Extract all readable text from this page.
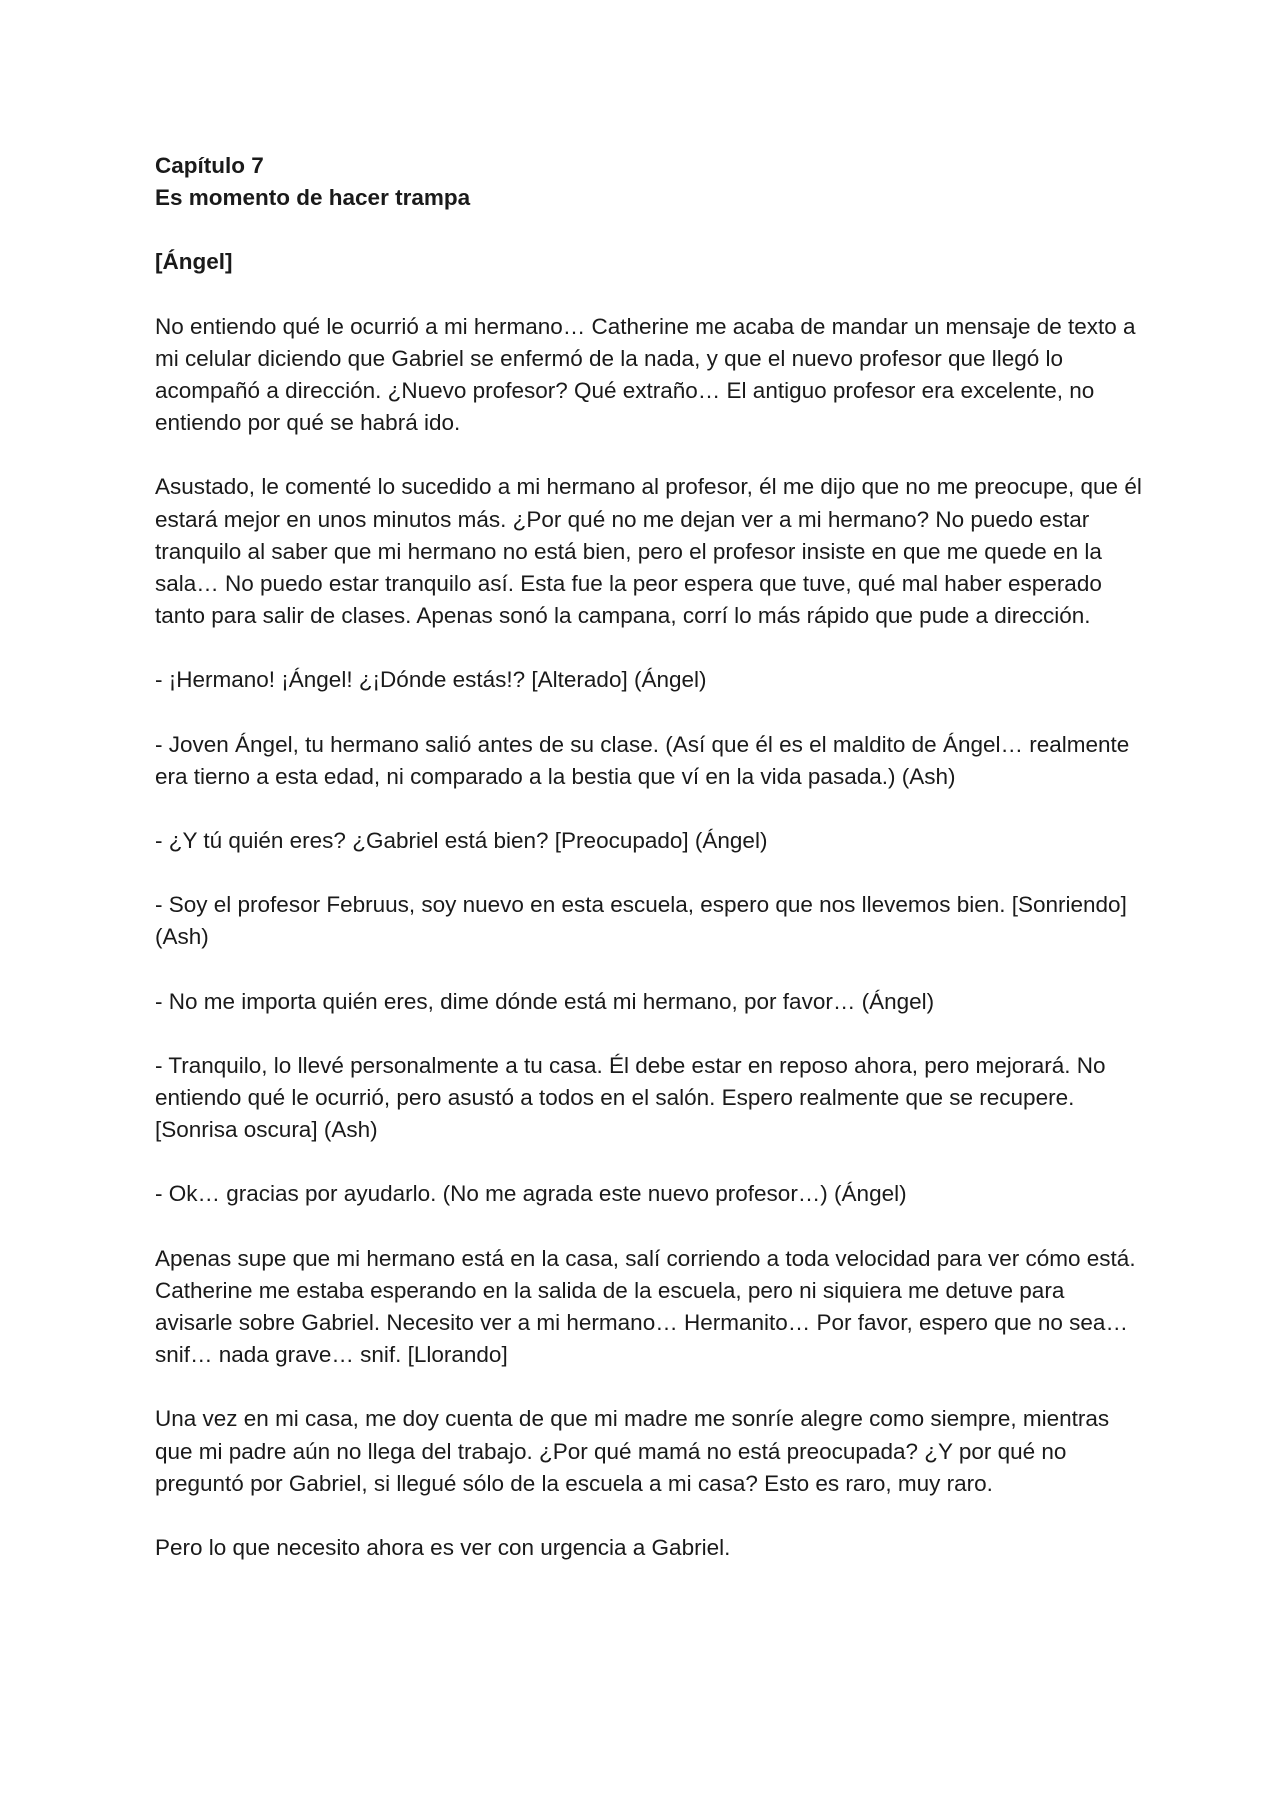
Capítulo 7

Es momento de hacer trampa

[Ángel]

No entiendo qué le ocurrió a mi hermano… Catherine me acaba de mandar un mensaje de texto a mi celular diciendo que Gabriel se enfermó de la nada, y que el nuevo profesor que llegó lo acompañó a dirección. ¿Nuevo profesor? Qué extraño… El antiguo profesor era excelente, no entiendo por qué se habrá ido.

Asustado, le comenté lo sucedido a mi hermano al profesor, él me dijo que no me preocupe, que él estará mejor en unos minutos más. ¿Por qué no me dejan ver a mi hermano? No puedo estar tranquilo al saber que mi hermano no está bien, pero el profesor insiste en que me quede en la sala… No puedo estar tranquilo así. Esta fue la peor espera que tuve, qué mal haber esperado tanto para salir de clases. Apenas sonó la campana, corrí lo más rápido que pude a dirección.

- ¡Hermano! ¡Ángel! ¿¡Dónde estás!? [Alterado] (Ángel)

- Joven Ángel, tu hermano salió antes de su clase. (Así que él es el maldito de Ángel… realmente era tierno a esta edad, ni comparado a la bestia que ví en la vida pasada.) (Ash)

- ¿Y tú quién eres? ¿Gabriel está bien? [Preocupado] (Ángel)

- Soy el profesor Februus, soy nuevo en esta escuela, espero que nos llevemos bien. [Sonriendo] (Ash)

- No me importa quién eres, dime dónde está mi hermano, por favor… (Ángel)

- Tranquilo, lo llevé personalmente a tu casa. Él debe estar en reposo ahora, pero mejorará. No entiendo qué le ocurrió, pero asustó a todos en el salón. Espero realmente que se recupere. [Sonrisa oscura] (Ash)

- Ok… gracias por ayudarlo. (No me agrada este nuevo profesor…) (Ángel)

Apenas supe que mi hermano está en la casa, salí corriendo a toda velocidad para ver cómo está. Catherine me estaba esperando en la salida de la escuela, pero ni siquiera me detuve para avisarle sobre Gabriel. Necesito ver a mi hermano… Hermanito… Por favor, espero que no sea… snif… nada grave… snif. [Llorando]

Una vez en mi casa, me doy cuenta de que mi madre me sonríe alegre como siempre, mientras que mi padre aún no llega del trabajo. ¿Por qué mamá no está preocupada? ¿Y por qué no preguntó por Gabriel, si llegué sólo de la escuela a mi casa? Esto es raro, muy raro.

Pero lo que necesito ahora es ver con urgencia a Gabriel.
